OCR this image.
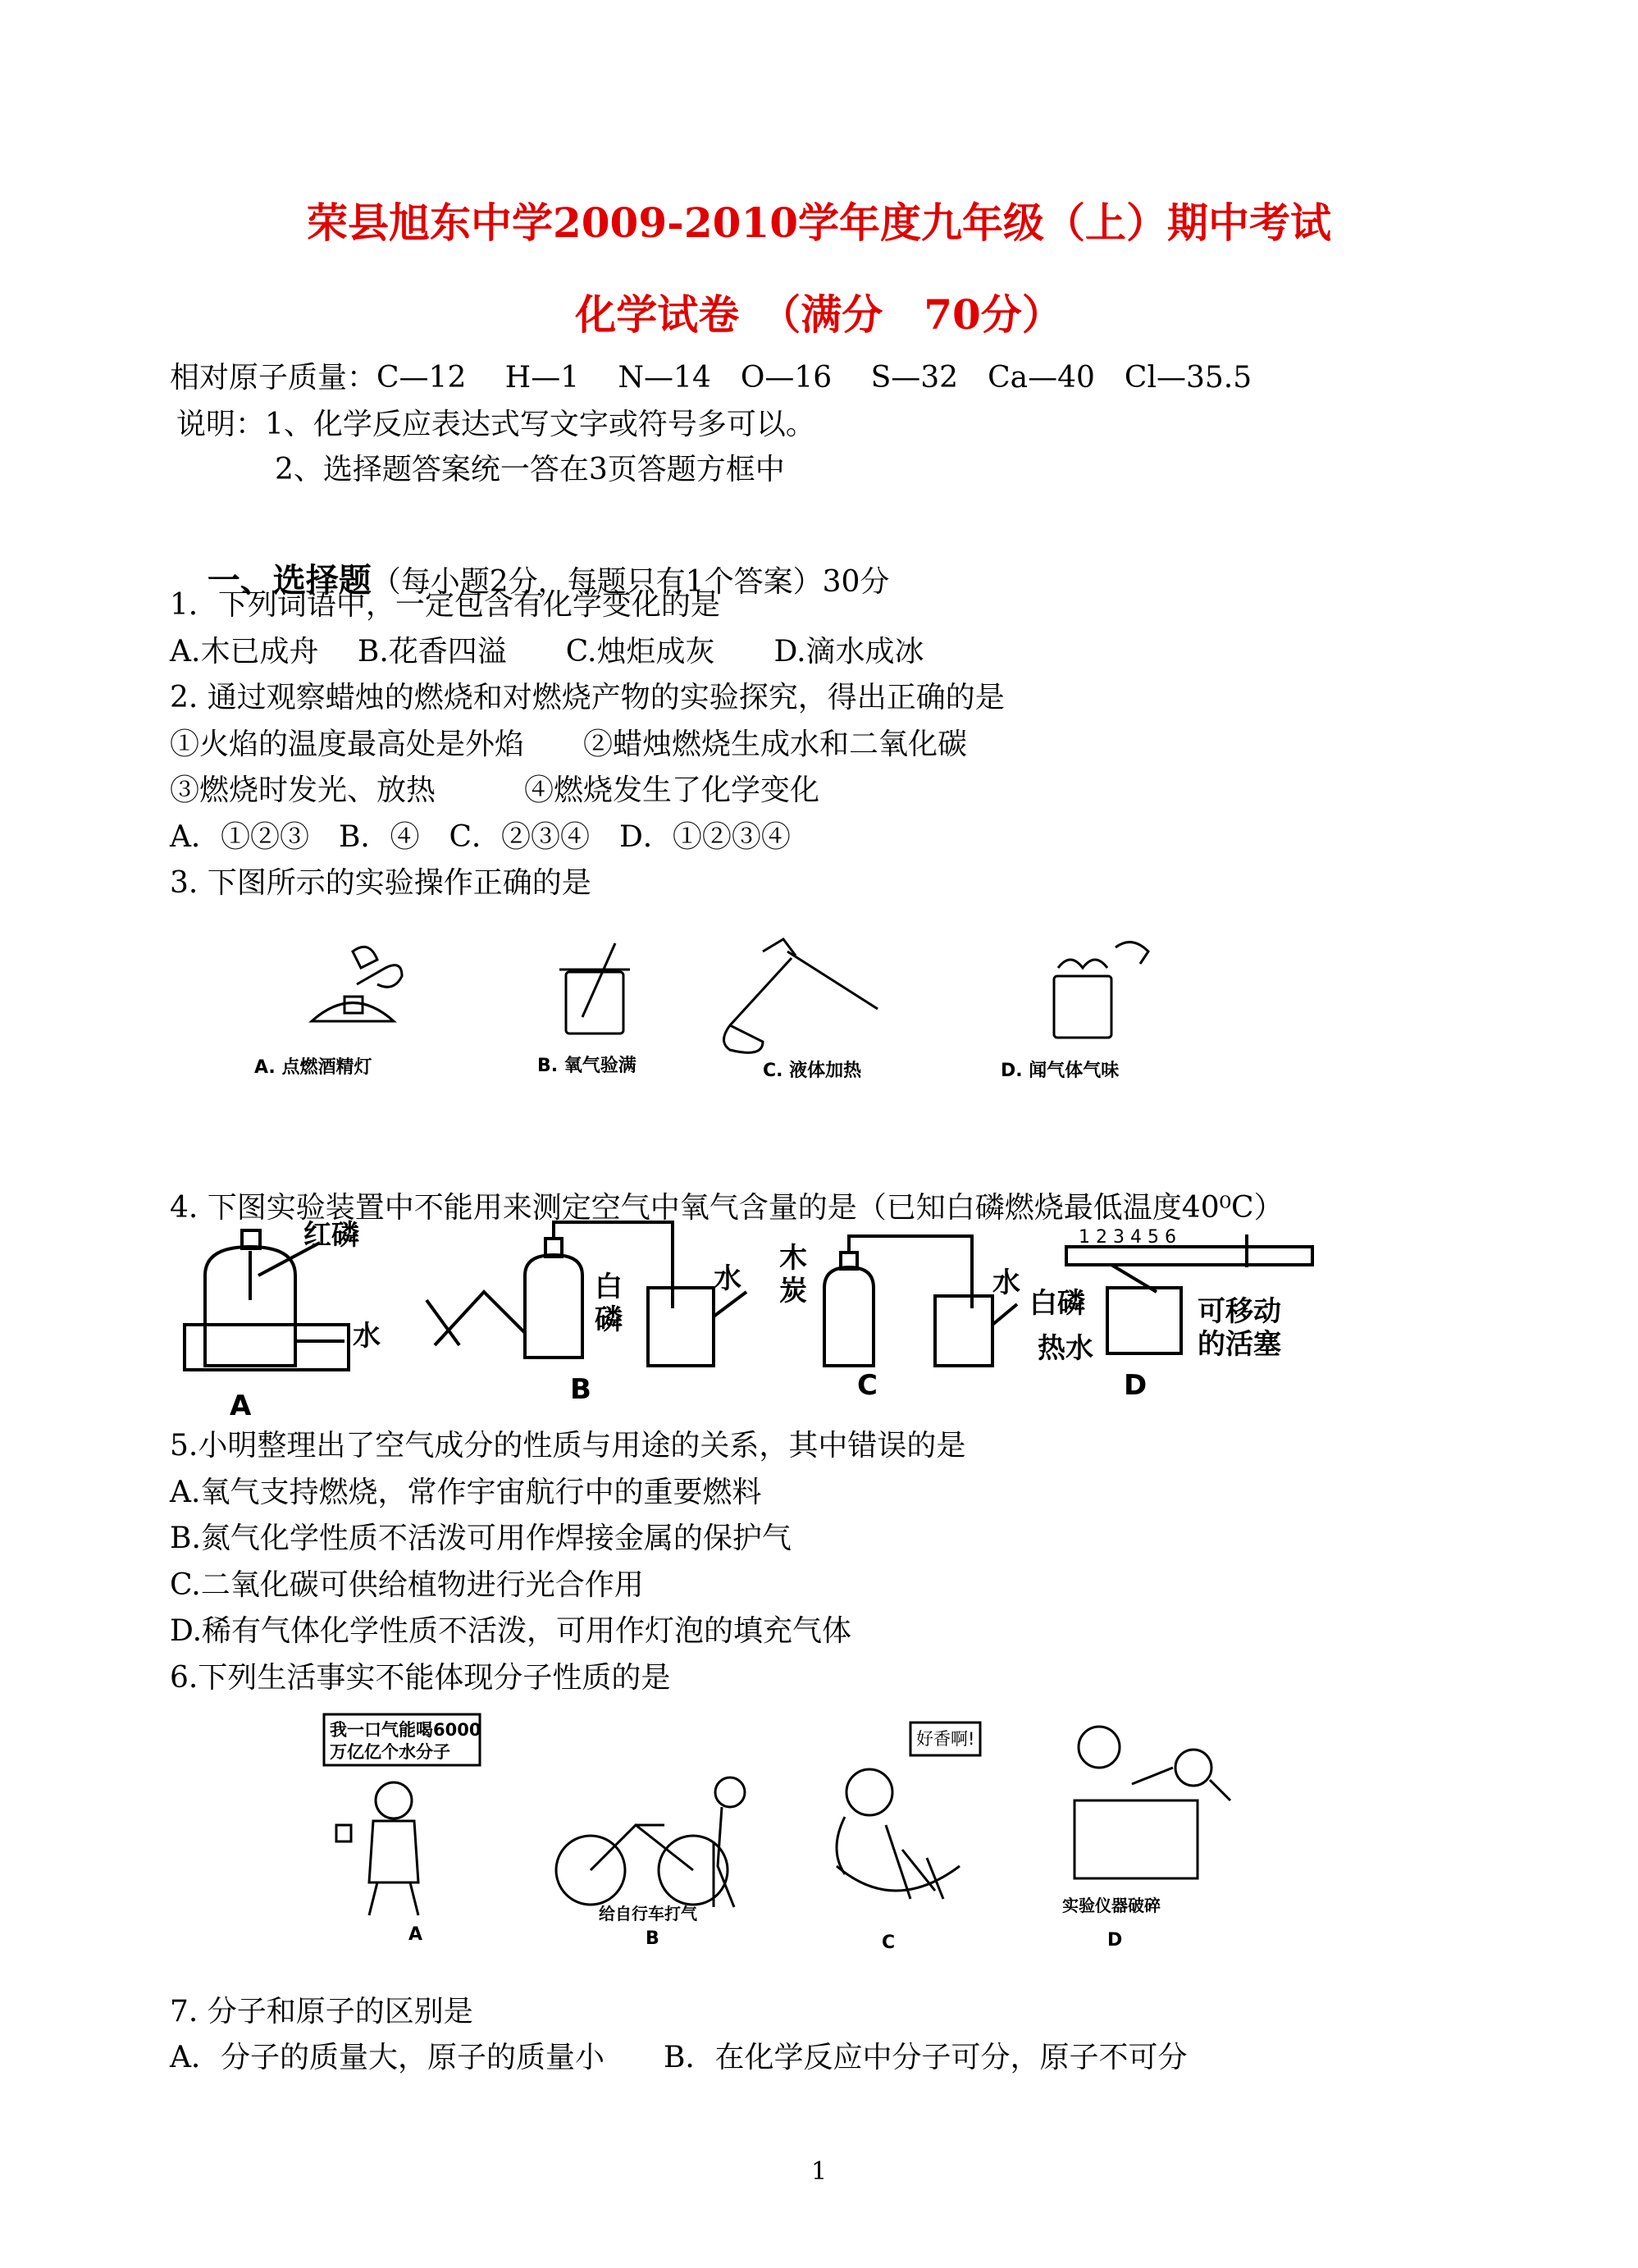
荣县旭东中学2009-2010学年度九年级（上）期中考试
化学试卷　（满分　70分）
相对原子质量：C—12　 H—1　 N—14　O—16　 S—32　Ca—40　Cl—35.5
说明：1、化学反应表达式写文字或符号多可以。
2、选择题答案统一答在3页答题方框中

一、选择题（每小题2分，每题只有1个答案）30分

1．下列词语中，一定包含有化学变化的是
A.木已成舟　 B.花香四溢　　C.烛炬成灰　　D.滴水成冰
2. 通过观察蜡烛的燃烧和对燃烧产物的实验探究，得出正确的是
①火焰的温度最高处是外焰　　②蜡烛燃烧生成水和二氧化碳
③燃烧时发光、放热　　　④燃烧发生了化学变化
A．①②③　B．④　C．②③④　D．①②③④
3. 下图所示的实验操作正确的是
A. 点燃酒精灯	B. 氧气验满	C. 液体加热	D. 闻气体气味
4. 下图实验装置中不能用来测定空气中氧气含量的是（已知白磷燃烧最低温度40⁰C）
红磷
水
A
白
磷
水
B
木
炭	水
C
1 2 3 4 5 6
白磷
热水
可移动
的活塞
D
5.小明整理出了空气成分的性质与用途的关系，其中错误的是
A.氧气支持燃烧，常作宇宙航行中的重要燃料
B.氮气化学性质不活泼可用作焊接金属的保护气
C.二氧化碳可供给植物进行光合作用
D.稀有气体化学性质不活泼，可用作灯泡的填充气体
6.下列生活事实不能体现分子性质的是
我一口气能喝6000
万亿亿个水分子
A
给自行车打气
B
好香啊!
C
实验仪器破碎
D
7. 分子和原子的区别是
A．分子的质量大，原子的质量小　　B．在化学反应中分子可分，原子不可分
1
